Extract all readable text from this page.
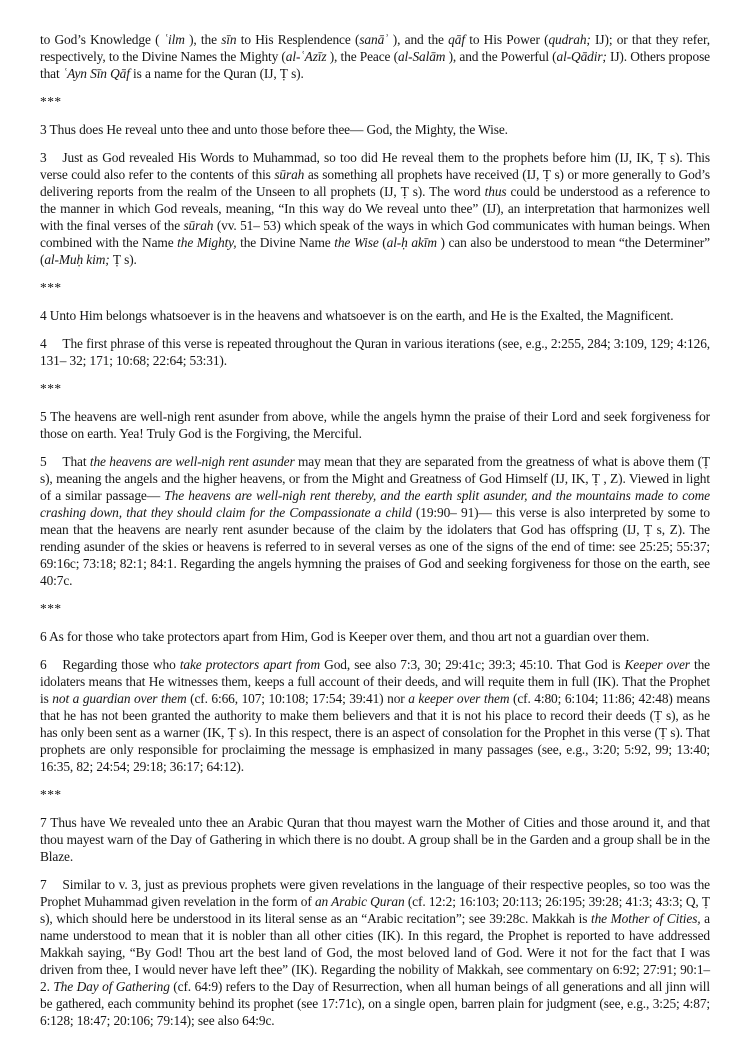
to God’s Knowledge ( ʿilm ), the sīn to His Resplendence (sanāʾ ), and the qāf to His Power (qudrah; IJ); or that they refer, respectively, to the Divine Names the Mighty (al-ʿAzīz ), the Peace (al-Salām ), and the Powerful (al-Qādir; IJ). Others propose that ʿAyn Sīn Qāf is a name for the Quran (IJ, Ṭ s).

***

3 Thus does He reveal unto thee and unto those before thee— God, the Mighty, the Wise.

3  Just as God revealed His Words to Muhammad, so too did He reveal them to the prophets before him (IJ, IK, Ṭ s). This verse could also refer to the contents of this sūrah as something all prophets have received (IJ, Ṭ s) or more generally to God’s delivering reports from the realm of the Unseen to all prophets (IJ, Ṭ s). The word thus could be understood as a reference to the manner in which God reveals, meaning, “In this way do We reveal unto thee” (IJ), an interpretation that harmonizes well with the final verses of the sūrah (vv. 51– 53) which speak of the ways in which God communicates with human beings. When combined with the Name the Mighty, the Divine Name the Wise (al-ḥ akīm ) can also be understood to mean “the Determiner” (al-Muḥ kim; Ṭ s).

***

4 Unto Him belongs whatsoever is in the heavens and whatsoever is on the earth, and He is the Exalted, the Magnificent.

4  The first phrase of this verse is repeated throughout the Quran in various iterations (see, e.g., 2:255, 284; 3:109, 129; 4:126, 131– 32; 171; 10:68; 22:64; 53:31).

***

5 The heavens are well-nigh rent asunder from above, while the angels hymn the praise of their Lord and seek forgiveness for those on earth. Yea! Truly God is the Forgiving, the Merciful.

5  That the heavens are well-nigh rent asunder may mean that they are separated from the greatness of what is above them (Ṭ s), meaning the angels and the higher heavens, or from the Might and Greatness of God Himself (IJ, IK, Ṭ , Z). Viewed in light of a similar passage— The heavens are well-nigh rent thereby, and the earth split asunder, and the mountains made to come crashing down, that they should claim for the Compassionate a child (19:90– 91)— this verse is also interpreted by some to mean that the heavens are nearly rent asunder because of the claim by the idolaters that God has offspring (IJ, Ṭ s, Z). The rending asunder of the skies or heavens is referred to in several verses as one of the signs of the end of time: see 25:25; 55:37; 69:16c; 73:18; 82:1; 84:1. Regarding the angels hymning the praises of God and seeking forgiveness for those on the earth, see 40:7c.

***

6 As for those who take protectors apart from Him, God is Keeper over them, and thou art not a guardian over them.

6  Regarding those who take protectors apart from God, see also 7:3, 30; 29:41c; 39:3; 45:10. That God is Keeper over the idolaters means that He witnesses them, keeps a full account of their deeds, and will requite them in full (IK). That the Prophet is not a guardian over them (cf. 6:66, 107; 10:108; 17:54; 39:41) nor a keeper over them (cf. 4:80; 6:104; 11:86; 42:48) means that he has not been granted the authority to make them believers and that it is not his place to record their deeds (Ṭ s), as he has only been sent as a warner (IK, Ṭ s). In this respect, there is an aspect of consolation for the Prophet in this verse (Ṭ s). That prophets are only responsible for proclaiming the message is emphasized in many passages (see, e.g., 3:20; 5:92, 99; 13:40; 16:35, 82; 24:54; 29:18; 36:17; 64:12).

***

7 Thus have We revealed unto thee an Arabic Quran that thou mayest warn the Mother of Cities and those around it, and that thou mayest warn of the Day of Gathering in which there is no doubt. A group shall be in the Garden and a group shall be in the Blaze.

7  Similar to v. 3, just as previous prophets were given revelations in the language of their respective peoples, so too was the Prophet Muhammad given revelation in the form of an Arabic Quran (cf. 12:2; 16:103; 20:113; 26:195; 39:28; 41:3; 43:3; Q, Ṭ s), which should here be understood in its literal sense as an “Arabic recitation”; see 39:28c. Makkah is the Mother of Cities, a name understood to mean that it is nobler than all other cities (IK). In this regard, the Prophet is reported to have addressed Makkah saying, “By God! Thou art the best land of God, the most beloved land of God. Were it not for the fact that I was driven from thee, I would never have left thee” (IK). Regarding the nobility of Makkah, see commentary on 6:92; 27:91; 90:1– 2. The Day of Gathering (cf. 64:9) refers to the Day of Resurrection, when all human beings of all generations and all jinn will be gathered, each community behind its prophet (see 17:71c), on a single open, barren plain for judgment (see, e.g., 3:25; 4:87; 6:128; 18:47; 20:106; 79:14); see also 64:9c.
